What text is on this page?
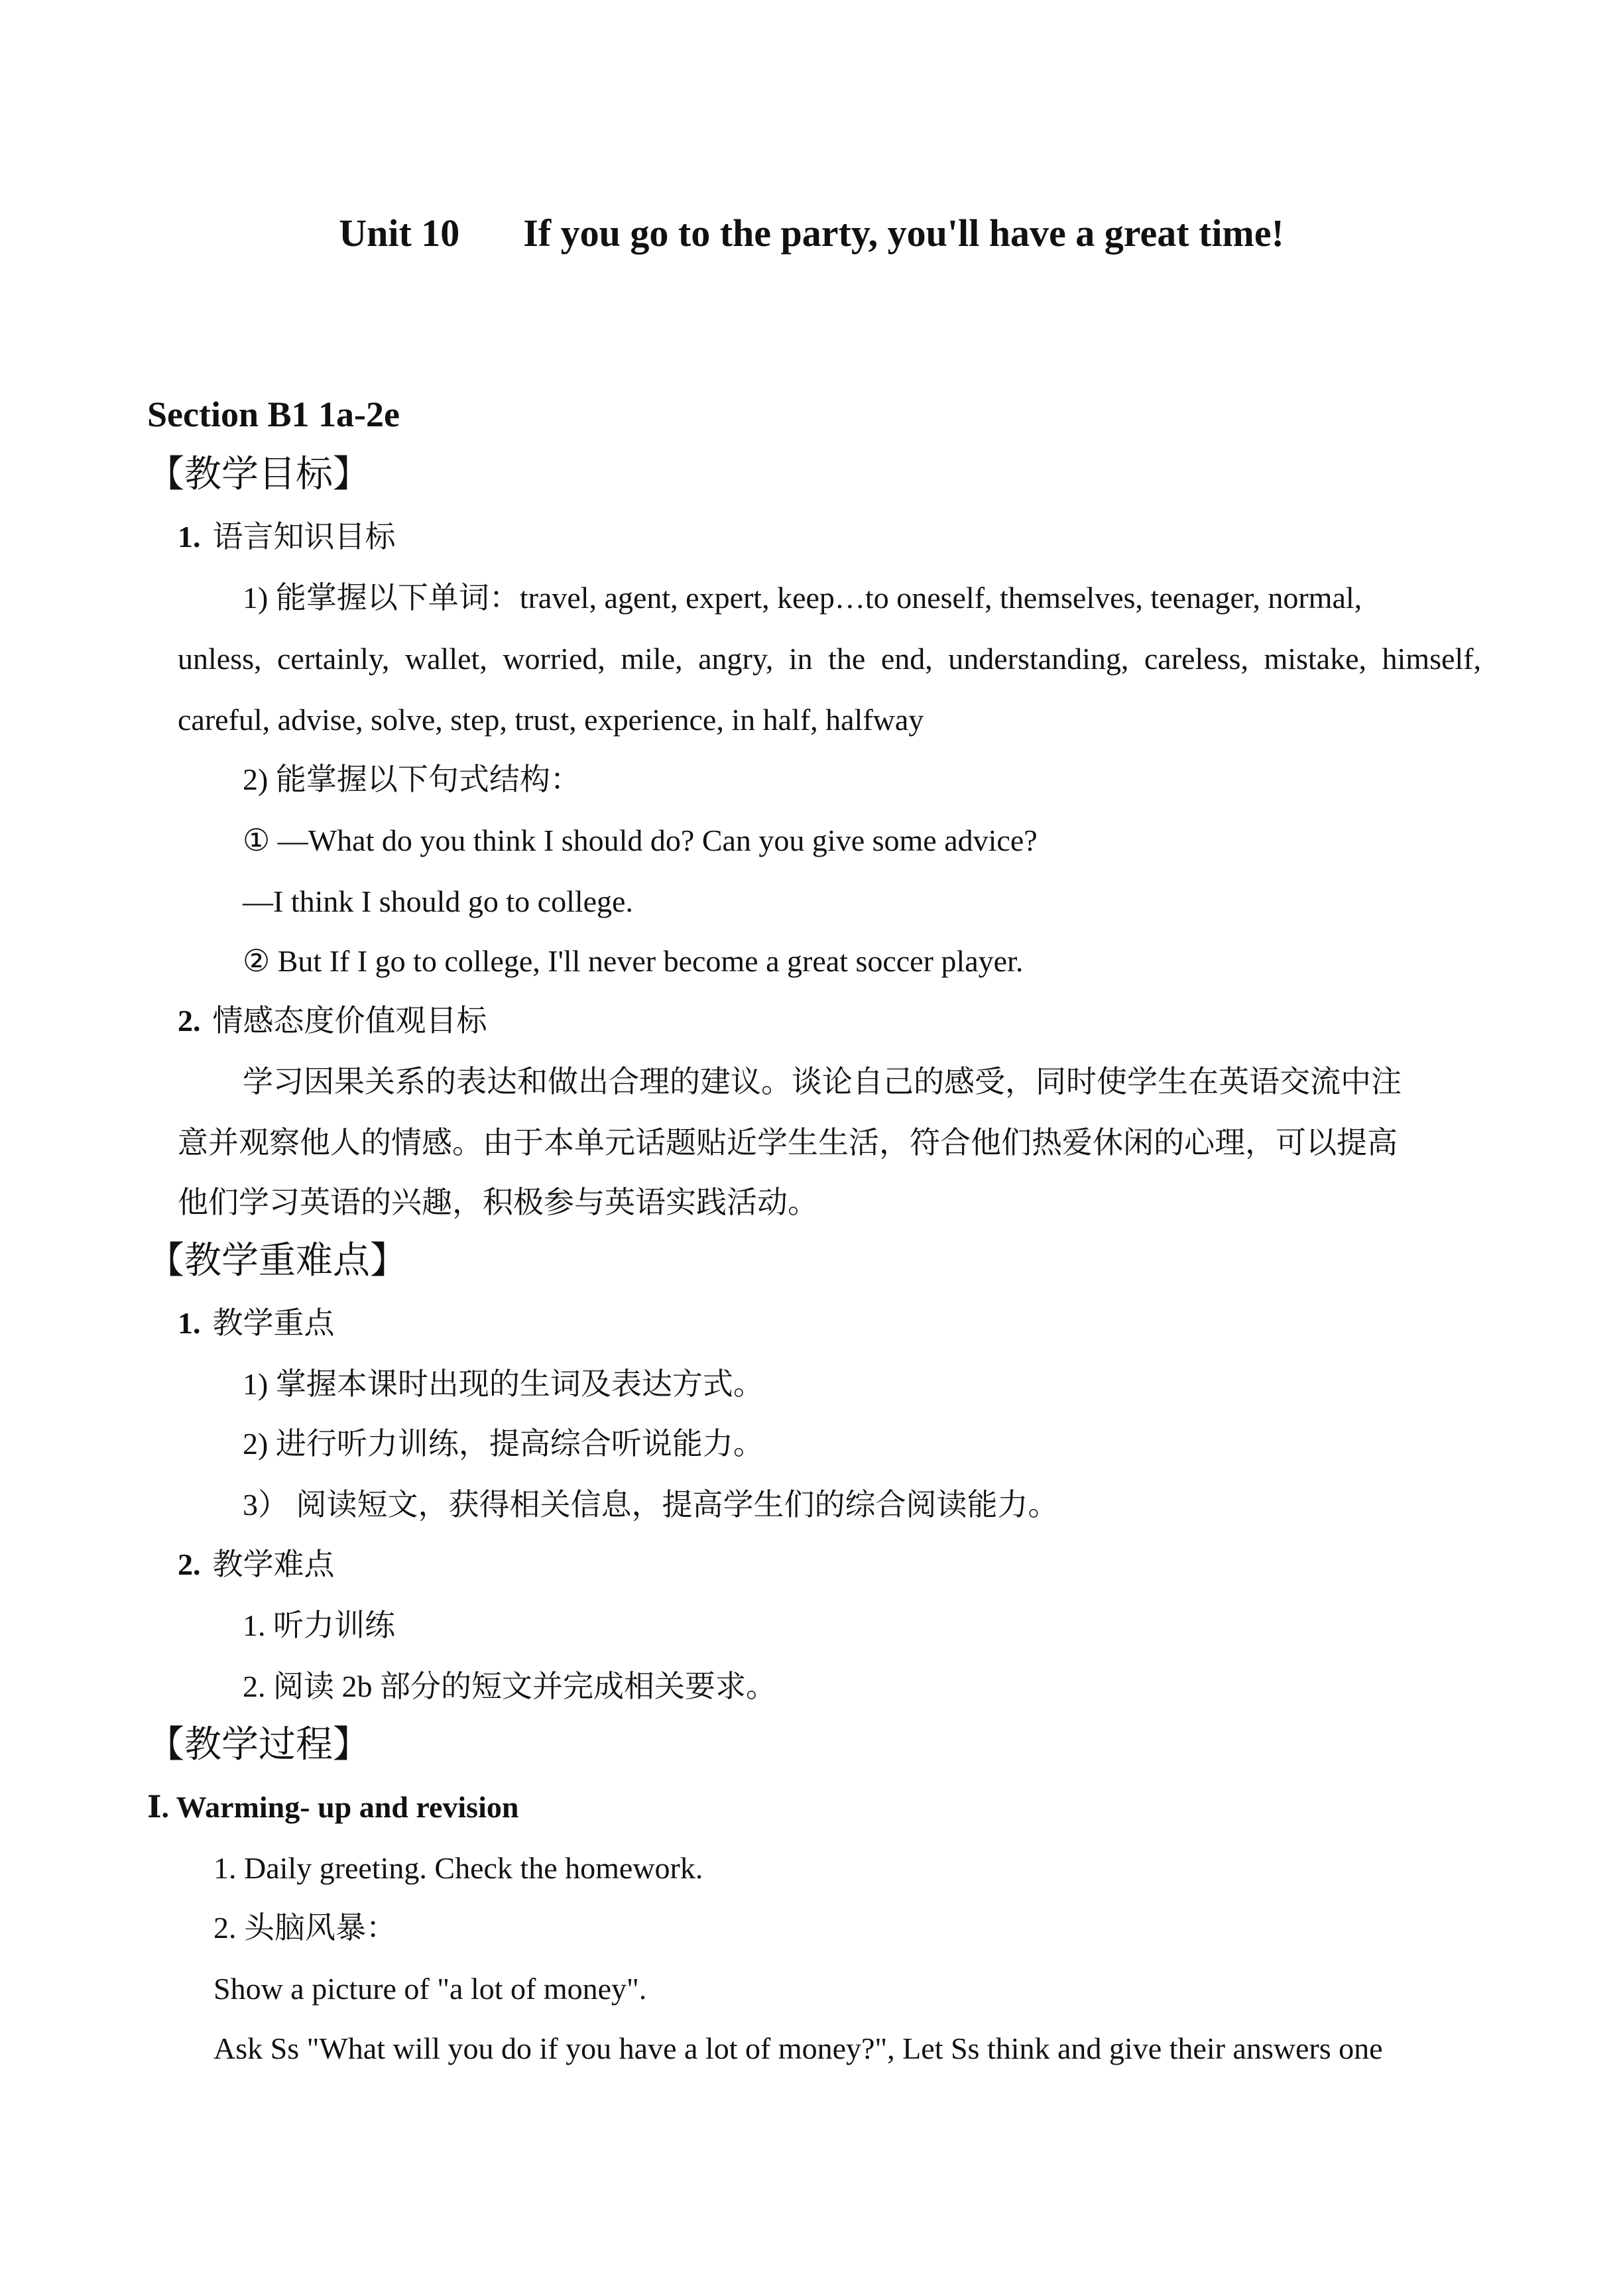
Unit 10 If you go to the party, you'll have a great time!
Section B1 1a-2e
【教学目标】
1. 语言知识目标
1) 能掌握以下单词：travel, agent, expert, keep…to oneself, themselves, teenager, normal,
unless, certainly, wallet, worried, mile, angry, in the end, understanding, careless, mistake, himself,
careful, advise, solve, step, trust, experience, in half, halfway
2) 能掌握以下句式结构：
① —What do you think I should do? Can you give some advice?
—I think I should go to college.
② But If I go to college, I'll never become a great soccer player.
2. 情感态度价值观目标
学习因果关系的表达和做出合理的建议。谈论自己的感受，同时使学生在英语交流中注
意并观察他人的情感。由于本单元话题贴近学生生活，符合他们热爱休闲的心理，可以提高
他们学习英语的兴趣，积极参与英语实践活动。
【教学重难点】
1. 教学重点
1) 掌握本课时出现的生词及表达方式。
2) 进行听力训练，提高综合听说能力。
3） 阅读短文，获得相关信息，提高学生们的综合阅读能力。
2. 教学难点
1. 听力训练
2. 阅读 2b 部分的短文并完成相关要求。
【教学过程】
Ⅰ. Warming- up and revision
1. Daily greeting. Check the homework.
2. 头脑风暴：
Show a picture of "a lot of money".
Ask Ss "What will you do if you have a lot of money?", Let Ss think and give their answers one
